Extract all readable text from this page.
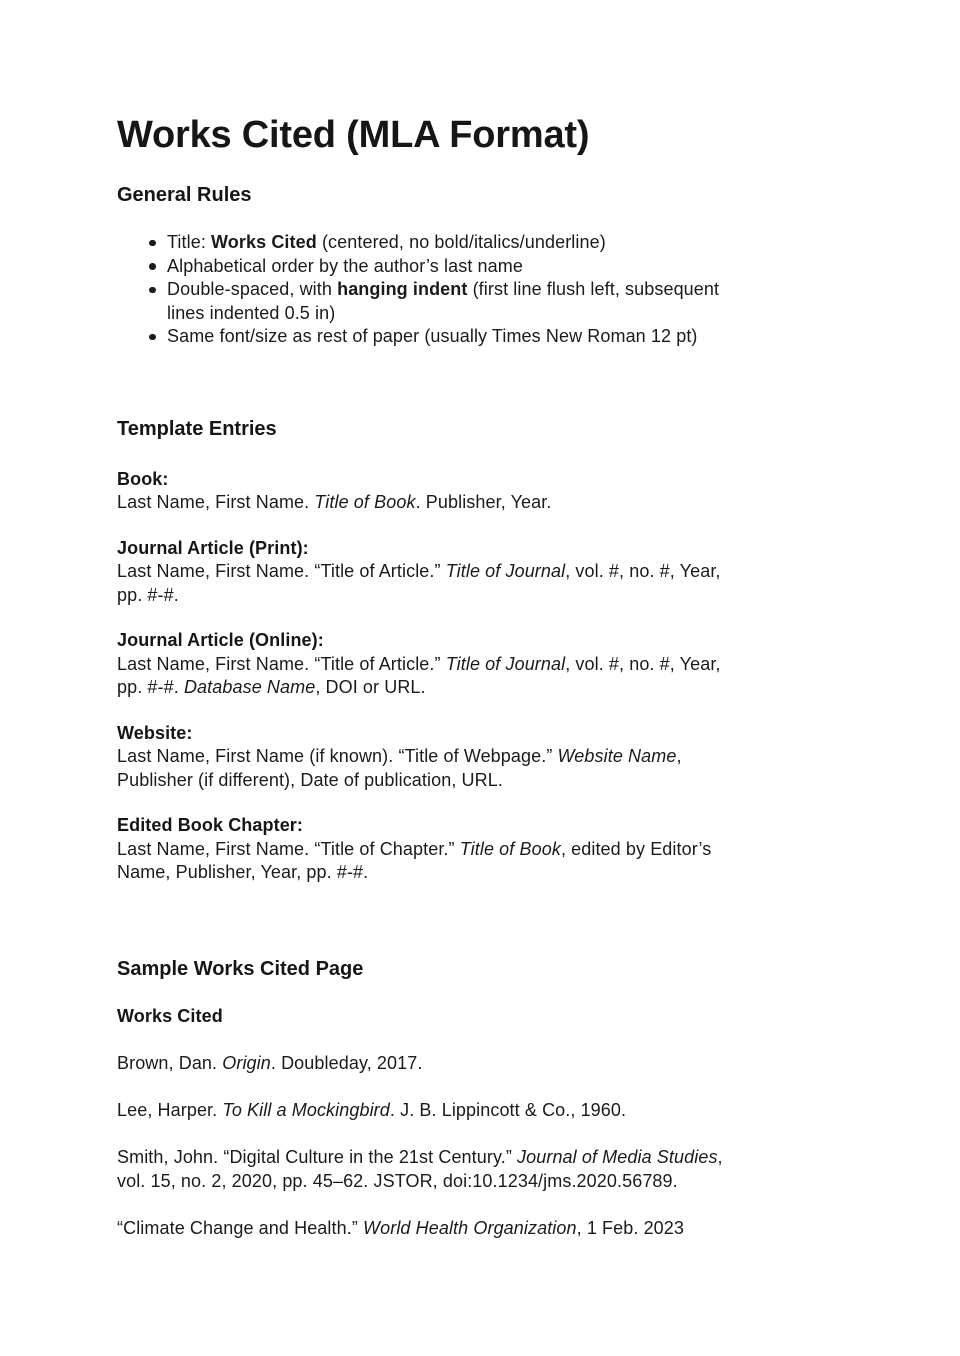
Works Cited (MLA Format)
General Rules
Title: Works Cited (centered, no bold/italics/underline)
Alphabetical order by the author’s last name
Double-spaced, with hanging indent (first line flush left, subsequent
lines indented 0.5 in)
Same font/size as rest of paper (usually Times New Roman 12 pt)
Template Entries
Book:
Last Name, First Name. Title of Book. Publisher, Year.
Journal Article (Print):
Last Name, First Name. “Title of Article.” Title of Journal, vol. #, no. #, Year,
pp. #-#.
Journal Article (Online):
Last Name, First Name. “Title of Article.” Title of Journal, vol. #, no. #, Year,
pp. #-#. Database Name, DOI or URL.
Website:
Last Name, First Name (if known). “Title of Webpage.” Website Name,
Publisher (if different), Date of publication, URL.
Edited Book Chapter:
Last Name, First Name. “Title of Chapter.” Title of Book, edited by Editor’s
Name, Publisher, Year, pp. #-#.
Sample Works Cited Page
Works Cited
Brown, Dan. Origin. Doubleday, 2017.
Lee, Harper. To Kill a Mockingbird. J. B. Lippincott & Co., 1960.
Smith, John. “Digital Culture in the 21st Century.” Journal of Media Studies,
vol. 15, no. 2, 2020, pp. 45–62. JSTOR, doi:10.1234/jms.2020.56789.
“Climate Change and Health.” World Health Organization, 1 Feb. 2023
